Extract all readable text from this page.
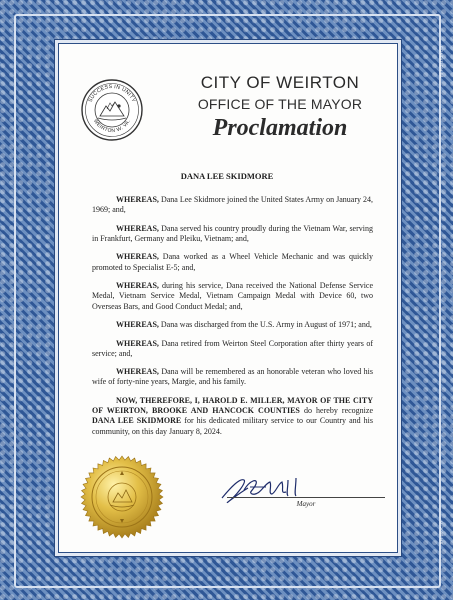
CONDITION 6A
© 2005 HS
SUCCESS IN UNITY
WEIRTON W. VA.
CITY OF WEIRTON
OFFICE OF THE MAYOR
Proclamation
DANA LEE SKIDMORE

WHEREAS, Dana Lee Skidmore joined the United States Army on January 24, 1969; and,

WHEREAS, Dana served his country proudly during the Vietnam War, serving in Frankfurt, Germany and Pleiku, Vietnam; and,

WHEREAS, Dana worked as a Wheel Vehicle Mechanic and was quickly promoted to Specialist E-5; and,

WHEREAS, during his service, Dana received the National Defense Service Medal, Vietnam Service Medal, Vietnam Campaign Medal with Device 60, two Overseas Bars, and Good Conduct Medal; and,

WHEREAS, Dana was discharged from the U.S. Army in August of 1971; and,

WHEREAS, Dana retired from Weirton Steel Corporation after thirty years of service; and,

WHEREAS, Dana will be remembered as an honorable veteran who loved his wife of forty-nine years, Margie, and his family.

NOW, THEREFORE, I, HAROLD E. MILLER, MAYOR OF THE CITY OF WEIRTON, BROOKE AND HANCOCK COUNTIES do hereby recognize DANA LEE SKIDMORE for his dedicated military service to our Country and his community, on this day January 8, 2024.

Mayor
